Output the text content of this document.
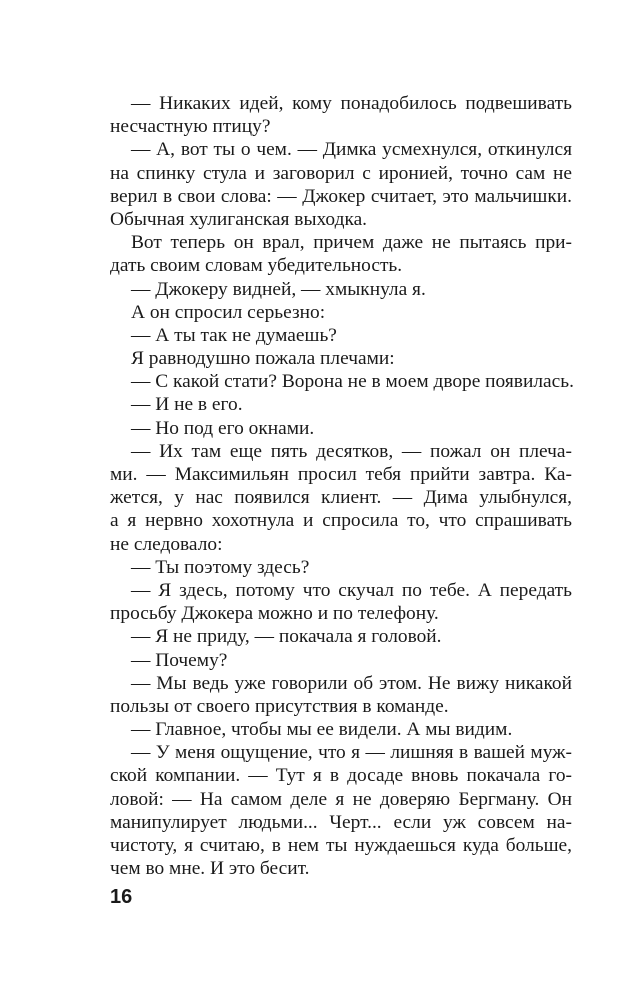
— Никаких идей, кому понадобилось подвешивать
несчастную птицу?
— А, вот ты о чем. — Димка усмехнулся, откинулся
на спинку стула и заговорил с иронией, точно сам не
верил в свои слова: — Джокер считает, это мальчишки.
Обычная хулиганская выходка.
Вот теперь он врал, причем даже не пытаясь при-
дать своим словам убедительность.
— Джокеру видней, — хмыкнула я.
А он спросил серьезно:
— А ты так не думаешь?
Я равнодушно пожала плечами:
— С какой стати? Ворона не в моем дворе появилась.
— И не в его.
— Но под его окнами.
— Их там еще пять десятков, — пожал он плеча-
ми. — Максимильян просил тебя прийти завтра. Ка-
жется, у нас появился клиент. — Дима улыбнулся,
а я нервно хохотнула и спросила то, что спрашивать
не следовало:
— Ты поэтому здесь?
— Я здесь, потому что скучал по тебе. А передать
просьбу Джокера можно и по телефону.
— Я не приду, — покачала я головой.
— Почему?
— Мы ведь уже говорили об этом. Не вижу никакой
пользы от своего присутствия в команде.
— Главное, чтобы мы ее видели. А мы видим.
— У меня ощущение, что я — лишняя в вашей муж-
ской компании. — Тут я в досаде вновь покачала го-
ловой: — На самом деле я не доверяю Бергману. Он
манипулирует людьми... Черт... если уж совсем на-
чистоту, я считаю, в нем ты нуждаешься куда больше,
чем во мне. И это бесит.
16
